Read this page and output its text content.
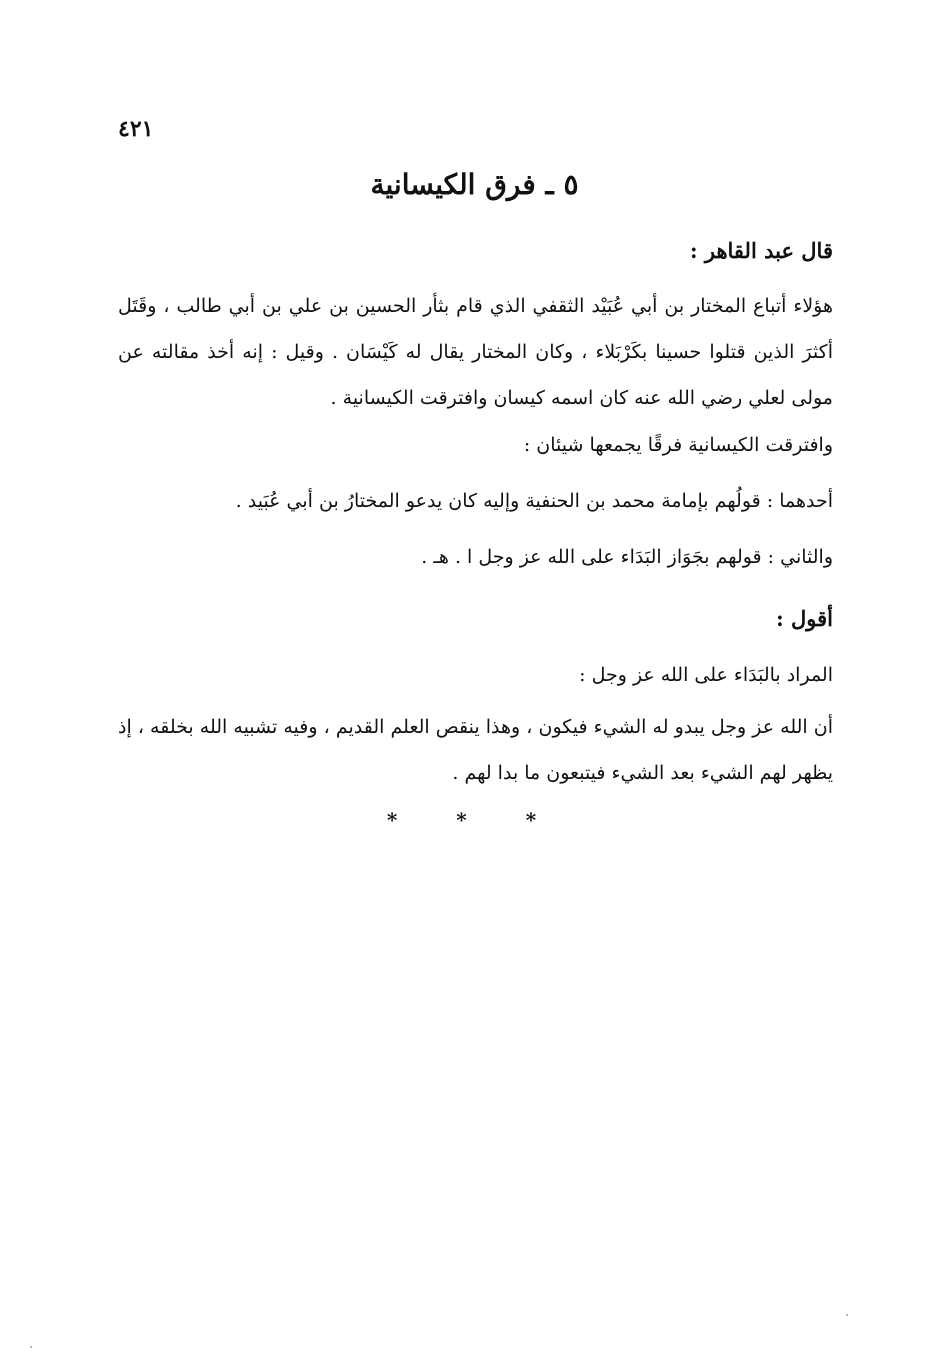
٤٢١
٥ ـ فرق الكيسانية
قال عبد القاهر :
هؤلاء أتباع المختار بن أبي عُبَيْد الثقفي الذي قام بثأر الحسين بن علي بن أبي طالب ، وقَتَل أكثرَ الذين قتلوا حسينا بكَرْبَلاء ، وكان المختار يقال له كَيْسَان . وقيل : إنه أخذ مقالته عن مولى لعلي رضي الله عنه كان اسمه كيسان وافترقت الكيسانية .
وافترقت الكيسانية فرقًا يجمعها شيئان :
أحدهما : قولُهم بإمامة محمد بن الحنفية وإليه كان يدعو المختارُ بن أبي عُبَيد .
والثاني : قولهم بجَوَاز البَدَاء على الله عز وجل ا . هـ .
أقول :
المراد بالبَدَاء على الله عز وجل :
أن الله عز وجل يبدو له الشيء فيكون ، وهذا ينقص العلم القديم ، وفيه تشبيه الله بخلقه ، إذ يظهر لهم الشيء بعد الشيء فيتبعون ما بدا لهم .
* * *
